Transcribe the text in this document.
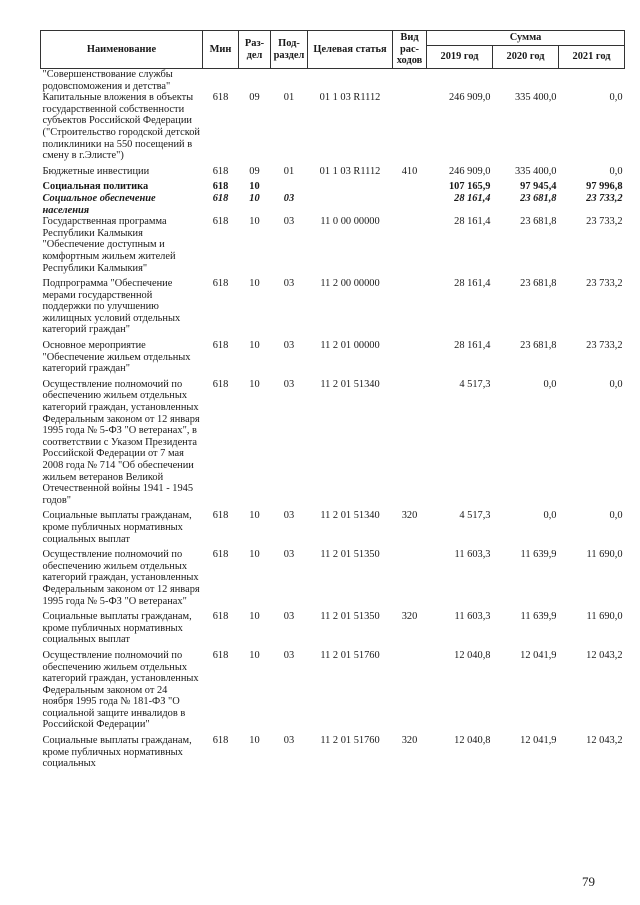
Наименование	Мин	Раз-дел	Под-раздел	Целевая статья	Вид рас-ходов	Сумма		
						2019 год	2020 год	2021 год
"Совершенствование службы родовспоможения и детства"								
Капитальные вложения в объекты государственной собственности субъектов Российской Федерации ("Строительство городской детской поликлиники на 550 посещений в смену в г.Элисте")	618	09	01	01 1 03 R1112		246 909,0	335 400,0	0,0
Бюджетные инвестиции	618	09	01	01 1 03 R1112	410	246 909,0	335 400,0	0,0
Социальная политика	618	10				107 165,9	97 945,4	97 996,8
Социальное обеспечение населения	618	10	03			28 161,4	23 681,8	23 733,2
Государственная программа Республики Калмыкия "Обеспечение доступным и комфортным жильем жителей Республики Калмыкия"	618	10	03	11 0 00 00000		28 161,4	23 681,8	23 733,2
Подпрограмма "Обеспечение мерами государственной поддержки по улучшению жилищных условий отдельных категорий граждан"	618	10	03	11 2 00 00000		28 161,4	23 681,8	23 733,2
Основное мероприятие "Обеспечение жильем отдельных категорий граждан"	618	10	03	11 2 01 00000		28 161,4	23 681,8	23 733,2
Осуществление полномочий по обеспечению жильем отдельных категорий граждан, установленных Федеральным законом от 12 января 1995 года № 5-ФЗ "О ветеранах", в соответствии с Указом Президента Российской Федерации от 7 мая 2008 года № 714 "Об обеспечении жильем ветеранов Великой Отечественной войны 1941 - 1945 годов"	618	10	03	11 2 01 51340		4 517,3	0,0	0,0
Социальные выплаты гражданам, кроме публичных нормативных социальных выплат	618	10	03	11 2 01 51340	320	4 517,3	0,0	0,0
Осуществление полномочий по обеспечению жильем отдельных категорий граждан, установленных Федеральным законом от 12 января 1995 года № 5-ФЗ "О ветеранах"	618	10	03	11 2 01 51350		11 603,3	11 639,9	11 690,0
Социальные выплаты гражданам, кроме публичных нормативных социальных выплат	618	10	03	11 2 01 51350	320	11 603,3	11 639,9	11 690,0
Осуществление полномочий по обеспечению жильем отдельных категорий граждан, установленных Федеральным законом от 24 ноября 1995 года № 181-ФЗ "О социальной защите инвалидов в Российской Федерации"	618	10	03	11 2 01 51760		12 040,8	12 041,9	12 043,2
Социальные выплаты гражданам, кроме публичных нормативных социальных	618	10	03	11 2 01 51760	320	12 040,8	12 041,9	12 043,2
79
